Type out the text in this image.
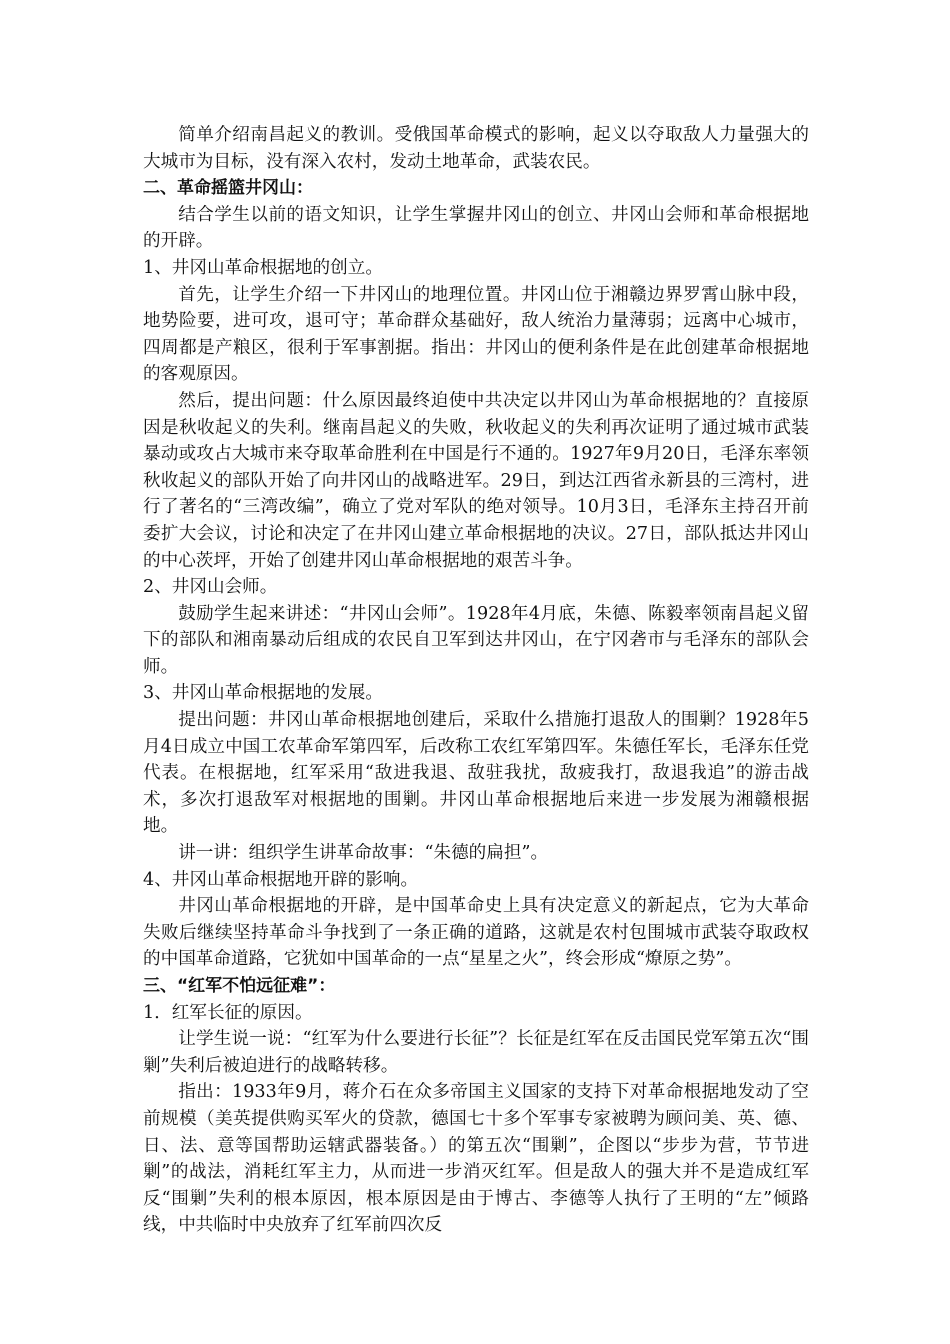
简单介绍南昌起义的教训。受俄国革命模式的影响，起义以夺取敌人力量强大的大城市为目标，没有深入农村，发动土地革命，武装农民。

二、革命摇篮井冈山：

结合学生以前的语文知识，让学生掌握井冈山的创立、井冈山会师和革命根据地的开辟。

1、井冈山革命根据地的创立。

首先，让学生介绍一下井冈山的地理位置。井冈山位于湘赣边界罗霄山脉中段，地势险要，进可攻，退可守；革命群众基础好，敌人统治力量薄弱；远离中心城市，四周都是产粮区，很利于军事割据。指出：井冈山的便利条件是在此创建革命根据地的客观原因。

然后，提出问题：什么原因最终迫使中共决定以井冈山为革命根据地的？直接原因是秋收起义的失利。继南昌起义的失败，秋收起义的失利再次证明了通过城市武装暴动或攻占大城市来夺取革命胜利在中国是行不通的。1927年9月20日，毛泽东率领秋收起义的部队开始了向井冈山的战略进军。29日，到达江西省永新县的三湾村，进行了著名的“三湾改编”，确立了党对军队的绝对领导。10月3日，毛泽东主持召开前委扩大会议，讨论和决定了在井冈山建立革命根据地的决议。27日，部队抵达井冈山的中心茨坪，开始了创建井冈山革命根据地的艰苦斗争。

2、井冈山会师。

鼓励学生起来讲述：“井冈山会师”。1928年4月底，朱德、陈毅率领南昌起义留下的部队和湘南暴动后组成的农民自卫军到达井冈山，在宁冈砻市与毛泽东的部队会师。

3、井冈山革命根据地的发展。

提出问题：井冈山革命根据地创建后，采取什么措施打退敌人的围剿？1928年5月4日成立中国工农革命军第四军，后改称工农红军第四军。朱德任军长，毛泽东任党代表。在根据地，红军采用“敌进我退、敌驻我扰，敌疲我打，敌退我追”的游击战术，多次打退敌军对根据地的围剿。井冈山革命根据地后来进一步发展为湘赣根据地。

讲一讲：组织学生讲革命故事：“朱德的扁担”。

4、井冈山革命根据地开辟的影响。

井冈山革命根据地的开辟，是中国革命史上具有决定意义的新起点，它为大革命失败后继续坚持革命斗争找到了一条正确的道路，这就是农村包围城市武装夺取政权的中国革命道路，它犹如中国革命的一点“星星之火”，终会形成“燎原之势”。

三、“红军不怕远征难”：

1．红军长征的原因。

让学生说一说：“红军为什么要进行长征”？长征是红军在反击国民党军第五次“围剿”失利后被迫进行的战略转移。

指出：1933年9月，蒋介石在众多帝国主义国家的支持下对革命根据地发动了空前规模（美英提供购买军火的贷款，德国七十多个军事专家被聘为顾问美、英、德、日、法、意等国帮助运辖武器装备。）的第五次“围剿”，企图以“步步为营，节节进剿”的战法，消耗红军主力，从而进一步消灭红军。但是敌人的强大并不是造成红军反“围剿”失利的根本原因，根本原因是由于博古、李德等人执行了王明的“左”倾路线，中共临时中央放弃了红军前四次反
